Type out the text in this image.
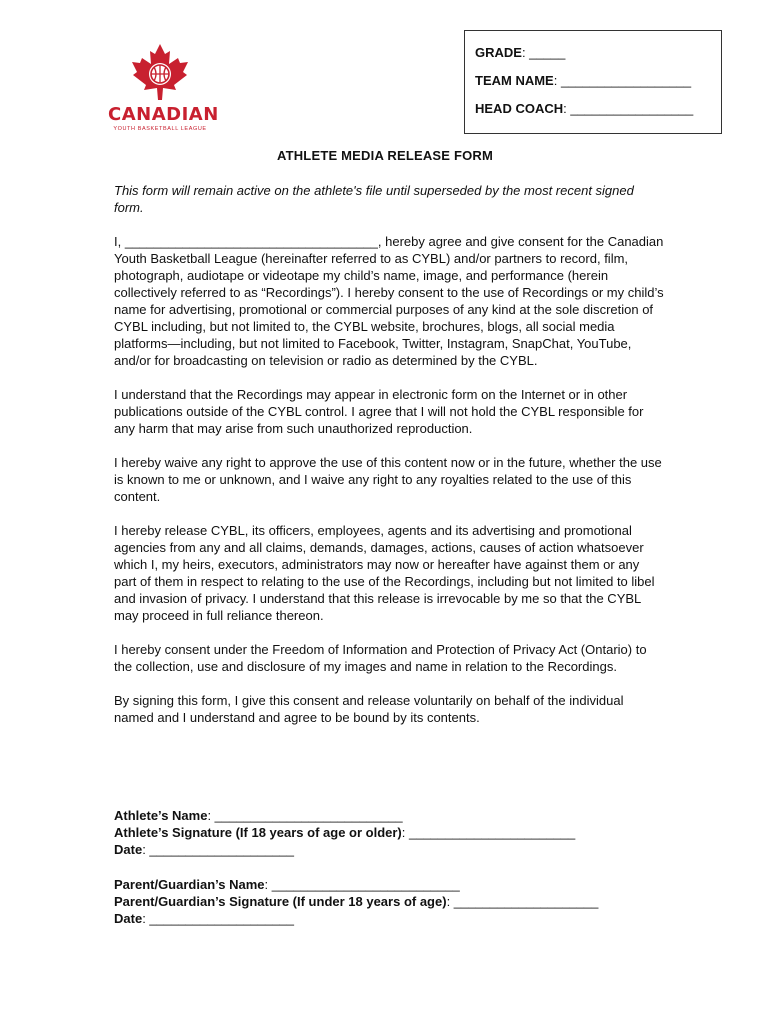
CANADIAN
YOUTH BASKETBALL LEAGUE
GRADE: _____
TEAM NAME: __________________
HEAD COACH: _________________
ATHLETE MEDIA RELEASE FORM

This form will remain active on the athlete's file until superseded by the most recent signed form.

I, ___________________________________, hereby agree and give consent for the Canadian Youth Basketball League (hereinafter referred to as CYBL) and/or partners to record, film, photograph, audiotape or videotape my child’s name, image, and performance (herein collectively referred to as “Recordings”). I hereby consent to the use of Recordings or my child’s name for advertising, promotional or commercial purposes of any kind at the sole discretion of CYBL including, but not limited to, the CYBL website, brochures, blogs, all social media platforms—including, but not limited to Facebook, Twitter, Instagram, SnapChat, YouTube, and/or for broadcasting on television or radio as determined by the CYBL.

I understand that the Recordings may appear in electronic form on the Internet or in other publications outside of the CYBL control. I agree that I will not hold the CYBL responsible for any harm that may arise from such unauthorized reproduction.

I hereby waive any right to approve the use of this content now or in the future, whether the use is known to me or unknown, and I waive any right to any royalties related to the use of this content.

I hereby release CYBL, its officers, employees, agents and its advertising and promotional agencies from any and all claims, demands, damages, actions, causes of action whatsoever which I, my heirs, executors, administrators may now or hereafter have against them or any part of them in respect to relating to the use of the Recordings, including but not limited to libel and invasion of privacy. I understand that this release is irrevocable by me so that the CYBL may proceed in full reliance thereon.

I hereby consent under the Freedom of Information and Protection of Privacy Act (Ontario) to the collection, use and disclosure of my images and name in relation to the Recordings.

By signing this form, I give this consent and release voluntarily on behalf of the individual named and I understand and agree to be bound by its contents.

Athlete’s Name: __________________________
Athlete’s Signature (If 18 years of age or older): _______________________
Date: ____________________
Parent/Guardian’s Name: __________________________
Parent/Guardian’s Signature (If under 18 years of age): ____________________
Date: ____________________
